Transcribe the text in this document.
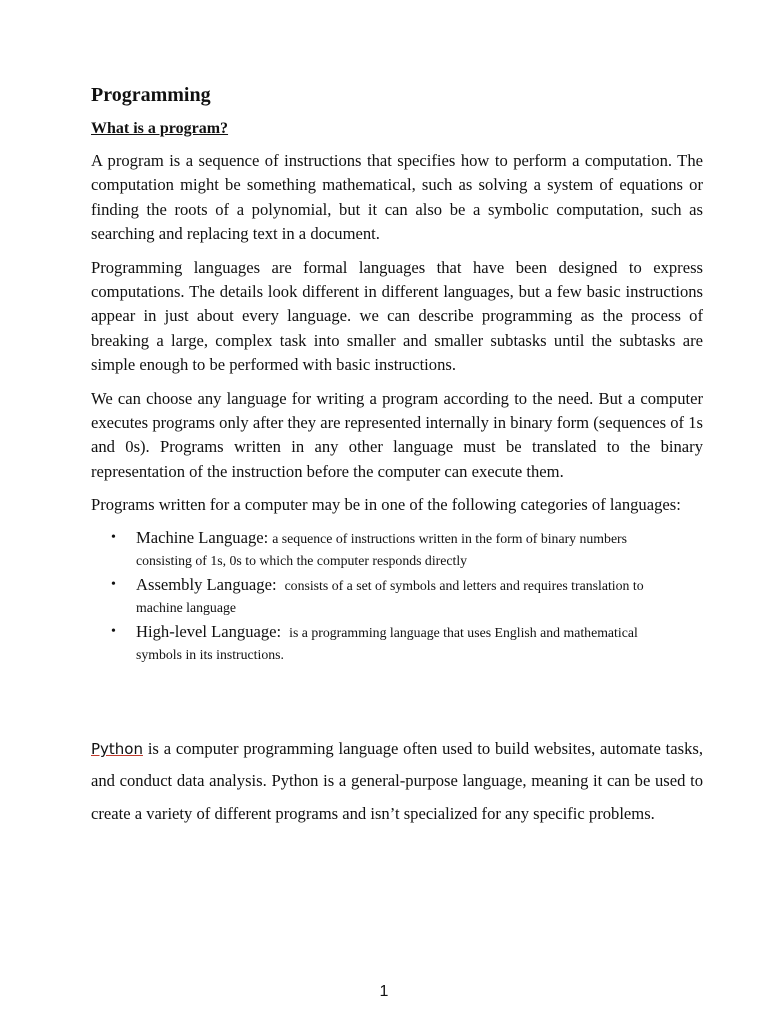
Programming
What is a program?

A program is a sequence of instructions that specifies how to perform a computation. The computation might be something mathematical, such as solving a system of equations or finding the roots of a polynomial, but it can also be a symbolic computation, such as searching and replacing text in a document.

Programming languages are formal languages that have been designed to express computations. The details look different in different languages, but a few basic instructions appear in just about every language. we can describe programming as the process of breaking a large, complex task into smaller and smaller subtasks until the subtasks are simple enough to be performed with basic instructions.

We can choose any language for writing a program according to the need. But a computer executes programs only after they are represented internally in binary form (sequences of 1s and 0s). Programs written in any other language must be translated to the binary representation of the instruction before the computer can execute them.

Programs written for a computer may be in one of the following categories of languages:

• Machine Language: a sequence of instructions written in the form of binary numbers
consisting of 1s, 0s to which the computer responds directly
• Assembly Language: consists of a set of symbols and letters and requires translation to
machine language
• High-level Language: is a programming language that uses English and mathematical
symbols in its instructions.

Python is a computer programming language often used to build websites, automate tasks, and conduct data analysis. Python is a general-purpose language, meaning it can be used to create a variety of different programs and isn’t specialized for any specific problems.

1
